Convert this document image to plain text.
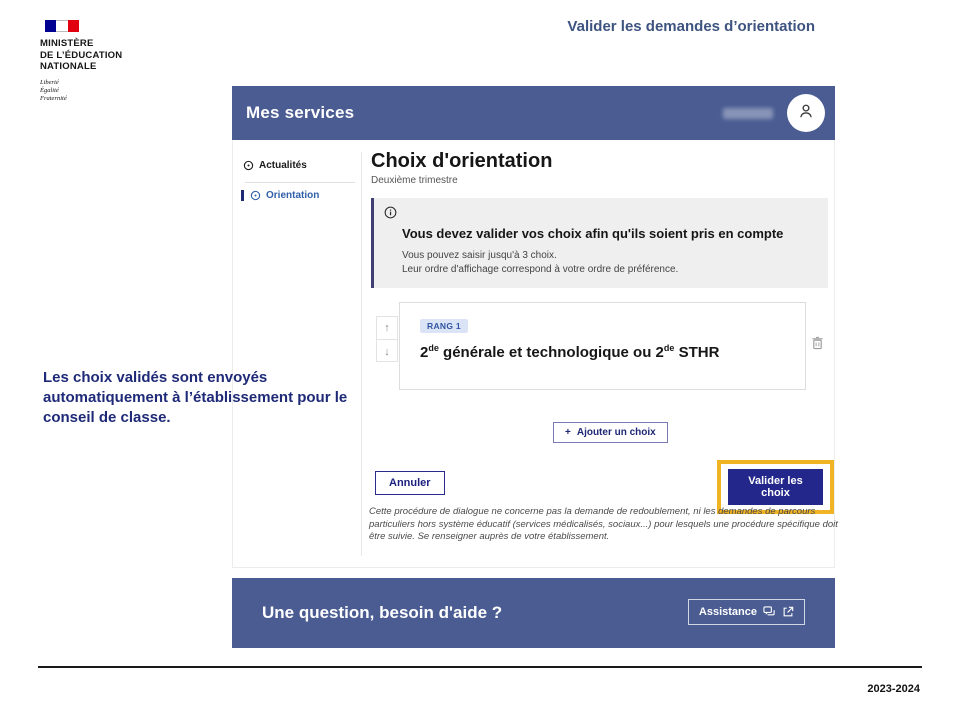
MINISTÈRE
DE L’ÉDUCATION
NATIONALE
Liberté
Égalité
Fraternité
Valider les demandes d’orientation
Mes services
Actualités
Orientation
Choix d'orientation
Deuxième trimestre
Vous devez valider vos choix afin qu'ils soient pris en compte
Vous pouvez saisir jusqu'à 3 choix.
Leur ordre d'affichage correspond à votre ordre de préférence.
↑
↓
RANG 1
2de générale et technologique ou 2de STHR
+ Ajouter un choix
Annuler	Valider les choix
Cette procédure de dialogue ne concerne pas la demande de redoublement, ni les demandes de parcours particuliers hors système éducatif (services médicalisés, sociaux...) pour lesquels une procédure spécifique doit être suivie. Se renseigner auprès de votre établissement.
Une question, besoin d'aide ?	Assistance
Les choix validés sont envoyés automatiquement à l’établissement pour le conseil de classe.
2023-2024
